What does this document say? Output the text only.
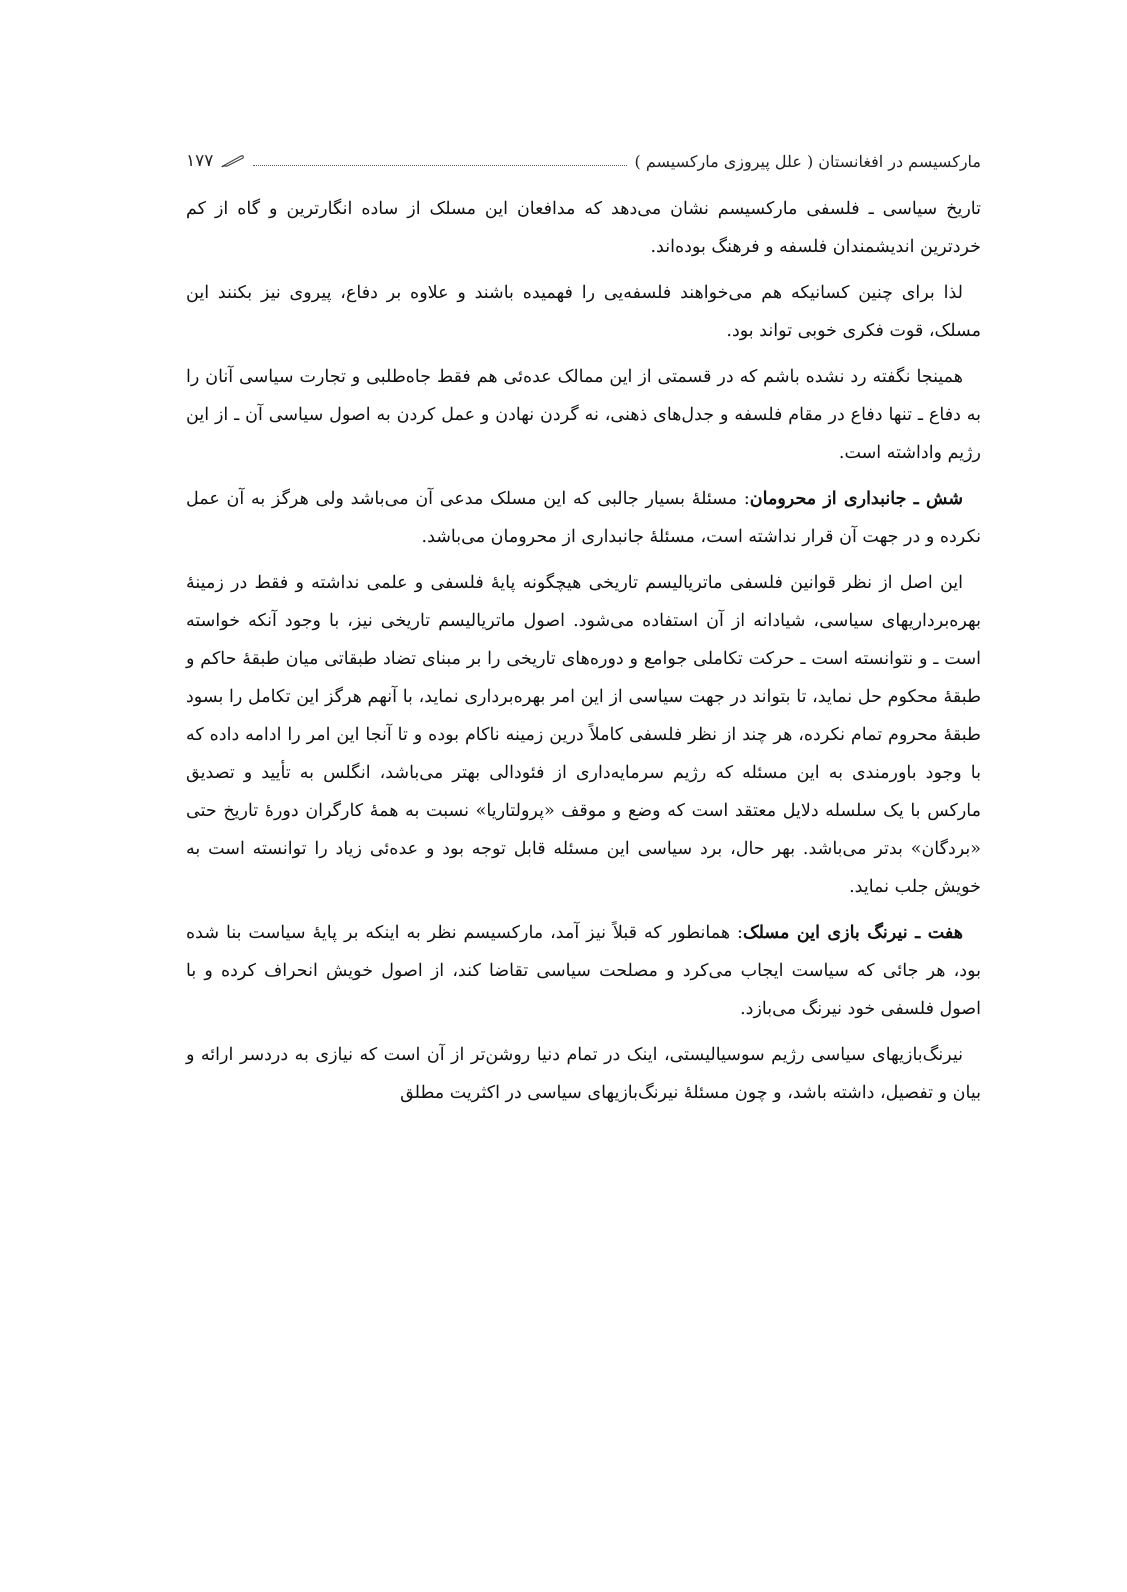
مارکسیسم در افغانستان ( علل پیروزی مارکسیسم )
۱۷۷

تاریخ سیاسی ـ فلسفی مارکسیسم نشان می‌دهد که مدافعان این مسلک از ساده انگارترین و گاه از کم خردترین اندیشمندان فلسفه و فرهنگ بوده‌اند.

لذا برای چنین کسانیکه هم می‌خواهند فلسفه‌یی را فهمیده باشند و علاوه بر دفاع، پیروی نیز بکنند این مسلک، قوت فکری خوبی تواند بود.

همینجا نگفته رد نشده باشم که در قسمتی از این ممالک عده‌ئی هم فقط جاه‌طلبی و تجارت سیاسی آنان را به دفاع ـ تنها دفاع در مقام فلسفه و جدل‌های ذهنی، نه گردن نهادن و عمل کردن به اصول سیاسی آن ـ از این رژیم واداشته است.

شش ـ جانبداری از محرومان: مسئلۀ بسیار جالبی که این مسلک مدعی آن می‌باشد ولی هرگز به آن عمل نکرده و در جهت آن قرار نداشته است، مسئلۀ جانبداری از محرومان می‌باشد.

این اصل از نظر قوانین فلسفی ماتریالیسم تاریخی هیچگونه پایۀ فلسفی و علمی نداشته و فقط در زمینۀ بهره‌برداریهای سیاسی، شیادانه از آن استفاده می‌شود. اصول ماتریالیسم تاریخی نیز، با وجود آنکه خواسته است ـ و نتوانسته است ـ حرکت تکاملی جوامع و دوره‌های تاریخی را بر مبنای تضاد طبقاتی میان طبقۀ حاکم و طبقۀ محکوم حل نماید، تا بتواند در جهت سیاسی از این امر بهره‌برداری نماید، با آنهم هرگز این تکامل را بسود طبقۀ محروم تمام نکرده، هر چند از نظر فلسفی کاملاً درین زمینه ناکام بوده و تا آنجا این امر را ادامه داده که با وجود باورمندی به این مسئله که رژیم سرمایه‌داری از فئودالی بهتر می‌باشد، انگلس به تأیید و تصدیق مارکس با یک سلسله دلایل معتقد است که وضع و موقف «پرولتاریا» نسبت به همۀ کارگران دورۀ تاریخ حتی «بردگان» بدتر می‌باشد. بهر حال، برد سیاسی این مسئله قابل توجه بود و عده‌ئی زیاد را توانسته است به خویش جلب نماید.

هفت ـ نیرنگ بازی این مسلک: همانطور که قبلاً نیز آمد، مارکسیسم نظر به اینکه بر پایۀ سیاست بنا شده بود، هر جائی که سیاست ایجاب می‌کرد و مصلحت سیاسی تقاضا کند، از اصول خویش انحراف کرده و با اصول فلسفی خود نیرنگ می‌بازد.

نیرنگ‌بازیهای سیاسی رژیم سوسیالیستی، اینک در تمام دنیا روشن‌تر از آن است که نیازی به دردسر ارائه و بیان و تفصیل، داشته باشد، و چون مسئلۀ نیرنگ‌بازیهای سیاسی در اکثریت مطلق
